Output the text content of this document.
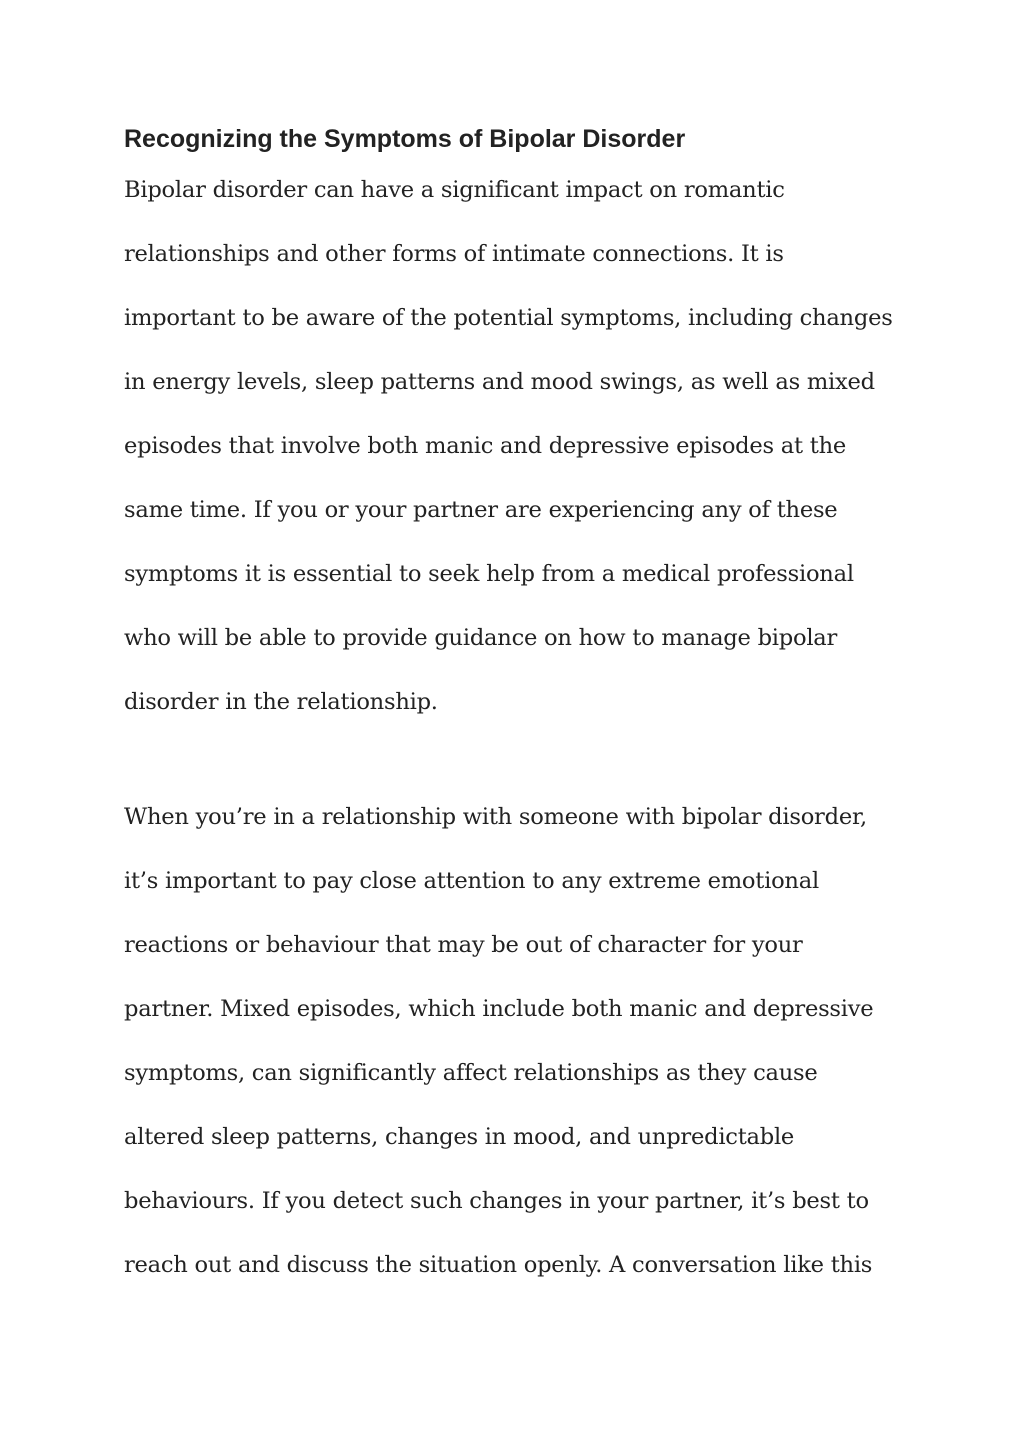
Recognizing the Symptoms of Bipolar Disorder

Bipolar disorder can have a significant impact on romantic

relationships and other forms of intimate connections. It is

important to be aware of the potential symptoms, including changes

in energy levels, sleep patterns and mood swings, as well as mixed

episodes that involve both manic and depressive episodes at the

same time. If you or your partner are experiencing any of these

symptoms it is essential to seek help from a medical professional

who will be able to provide guidance on how to manage bipolar

disorder in the relationship.

When you’re in a relationship with someone with bipolar disorder,

it’s important to pay close attention to any extreme emotional

reactions or behaviour that may be out of character for your

partner. Mixed episodes, which include both manic and depressive

symptoms, can significantly affect relationships as they cause

altered sleep patterns, changes in mood, and unpredictable

behaviours. If you detect such changes in your partner, it’s best to

reach out and discuss the situation openly. A conversation like this
